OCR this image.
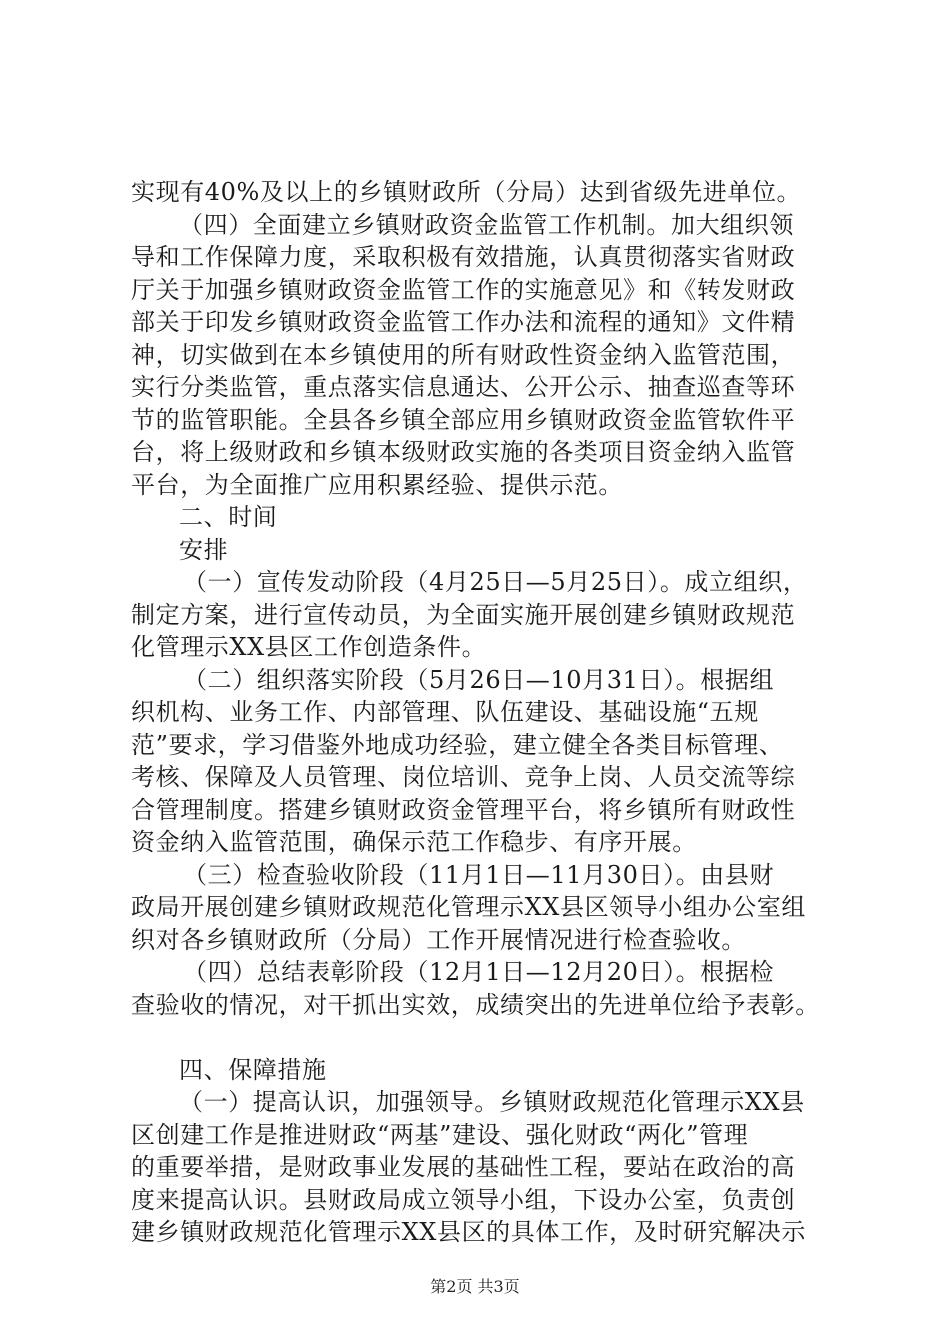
实现有40%及以上的乡镇财政所（分局）达到省级先进单位。
（四）全面建立乡镇财政资金监管工作机制。加大组织领
导和工作保障力度，采取积极有效措施，认真贯彻落实省财政
厅关于加强乡镇财政资金监管工作的实施意见》和《转发财政
部关于印发乡镇财政资金监管工作办法和流程的通知》文件精
神，切实做到在本乡镇使用的所有财政性资金纳入监管范围，
实行分类监管，重点落实信息通达、公开公示、抽查巡查等环
节的监管职能。全县各乡镇全部应用乡镇财政资金监管软件平
台，将上级财政和乡镇本级财政实施的各类项目资金纳入监管
平台，为全面推广应用积累经验、提供示范。
二、时间
安排
（一）宣传发动阶段（4月25日—5月25日）。成立组织，
制定方案，进行宣传动员，为全面实施开展创建乡镇财政规范
化管理示XX县区工作创造条件。
（二）组织落实阶段（5月26日—10月31日）。根据组
织机构、业务工作、内部管理、队伍建设、基础设施“五规
范”要求，学习借鉴外地成功经验，建立健全各类目标管理、
考核、保障及人员管理、岗位培训、竞争上岗、人员交流等综
合管理制度。搭建乡镇财政资金管理平台，将乡镇所有财政性
资金纳入监管范围，确保示范工作稳步、有序开展。
（三）检查验收阶段（11月1日—11月30日）。由县财
政局开展创建乡镇财政规范化管理示XX县区领导小组办公室组
织对各乡镇财政所（分局）工作开展情况进行检查验收。
（四）总结表彰阶段（12月1日—12月20日）。根据检
查验收的情况，对干抓出实效，成绩突出的先进单位给予表彰。
四、保障措施
（一）提高认识，加强领导。乡镇财政规范化管理示XX县
区创建工作是推进财政“两基”建设、强化财政“两化”管理
的重要举措，是财政事业发展的基础性工程，要站在政治的高
度来提高认识。县财政局成立领导小组，下设办公室，负责创
建乡镇财政规范化管理示XX县区的具体工作，及时研究解决示
第2页 共3页
